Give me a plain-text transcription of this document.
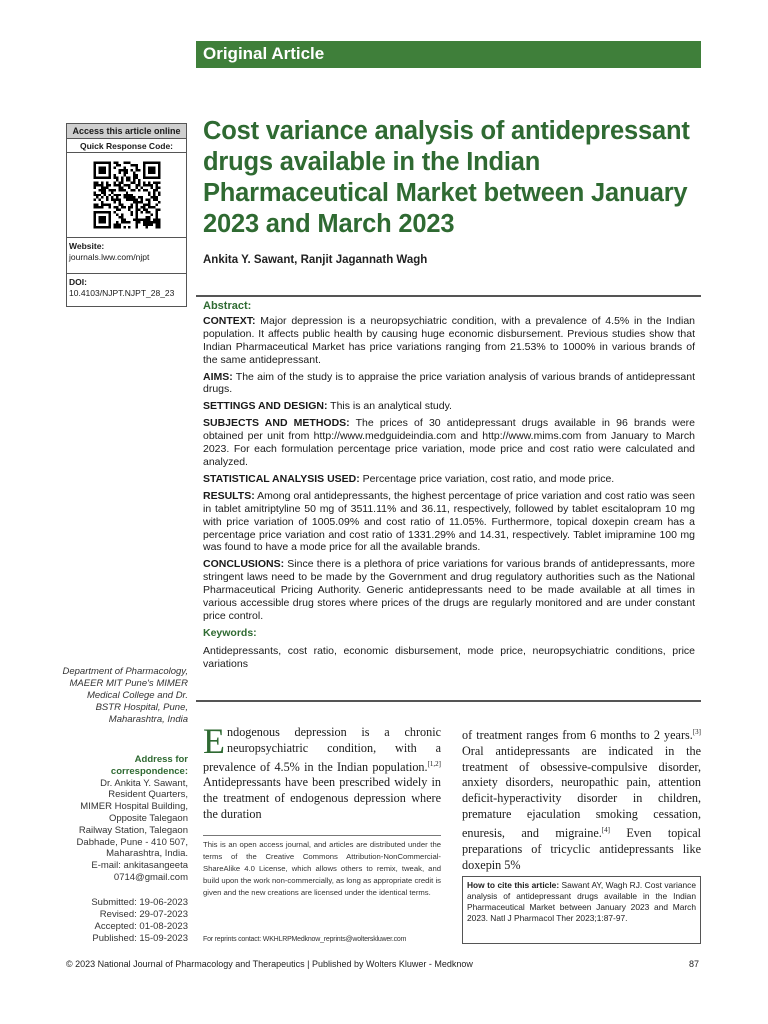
Original Article
Access this article online
Quick Response Code:
Website:
journals.lww.com/njpt
DOI:
10.4103/NJPT.NJPT_28_23
Cost variance analysis of antidepressant drugs available in the Indian Pharmaceutical Market between January 2023 and March 2023
Ankita Y. Sawant, Ranjit Jagannath Wagh
Abstract:

CONTEXT: Major depression is a neuropsychiatric condition, with a prevalence of 4.5% in the Indian population. It affects public health by causing huge economic disbursement. Previous studies show that Indian Pharmaceutical Market has price variations ranging from 21.53% to 1000% in various brands of the same antidepressant.

AIMS: The aim of the study is to appraise the price variation analysis of various brands of antidepressant drugs.

SETTINGS AND DESIGN: This is an analytical study.

SUBJECTS AND METHODS: The prices of 30 antidepressant drugs available in 96 brands were obtained per unit from http://www.medguideindia.com and http://www.mims.com from January to March 2023. For each formulation percentage price variation, mode price and cost ratio were calculated and analyzed.

STATISTICAL ANALYSIS USED: Percentage price variation, cost ratio, and mode price.

RESULTS: Among oral antidepressants, the highest percentage of price variation and cost ratio was seen in tablet amitriptyline 50 mg of 3511.11% and 36.11, respectively, followed by tablet escitalopram 10 mg with price variation of 1005.09% and cost ratio of 11.05%. Furthermore, topical doxepin cream has a percentage price variation and cost ratio of 1331.29% and 14.31, respectively. Tablet imipramine 100 mg was found to have a mode price for all the available brands.

CONCLUSIONS: Since there is a plethora of price variations for various brands of antidepressants, more stringent laws need to be made by the Government and drug regulatory authorities such as the National Pharmaceutical Pricing Authority. Generic antidepressants need to be made available at all times in various accessible drug stores where prices of the drugs are regularly monitored and are under constant price control.

Keywords:

Antidepressants, cost ratio, economic disbursement, mode price, neuropsychiatric conditions, price variations

Department of Pharmacology, MAEER MIT Pune's MIMER Medical College and Dr. BSTR Hospital, Pune, Maharashtra, India
Address for correspondence:
Dr. Ankita Y. Sawant,
Resident Quarters,
MIMER Hospital Building,
Opposite Talegaon
Railway Station, Talegaon
Dabhade, Pune - 410 507,
Maharashtra, India.
E-mail: ankitasangeeta
0714@gmail.com
Submitted: 19-06-2023
Revised: 29-07-2023
Accepted: 01-08-2023
Published: 15-09-2023
Endogenous depression is a chronic neuropsychiatric condition, with a prevalence of 4.5% in the Indian population.[1,2] Antidepressants have been prescribed widely in the treatment of endogenous depression where the duration
of treatment ranges from 6 months to 2 years.[3] Oral antidepressants are indicated in the treatment of obsessive-compulsive disorder, anxiety disorders, neuropathic pain, attention deficit-hyperactivity disorder in children, premature ejaculation smoking cessation, enuresis, and migraine.[4] Even topical preparations of tricyclic antidepressants like doxepin 5%
This is an open access journal, and articles are distributed under the terms of the Creative Commons Attribution-NonCommercial-ShareAlike 4.0 License, which allows others to remix, tweak, and build upon the work non-commercially, as long as appropriate credit is given and the new creations are licensed under the identical terms.
For reprints contact: WKHLRPMedknow_reprints@wolterskluwer.com
How to cite this article: Sawant AY, Wagh RJ. Cost variance analysis of antidepressant drugs available in the Indian Pharmaceutical Market between January 2023 and March 2023. Natl J Pharmacol Ther 2023;1:87-97.
© 2023 National Journal of Pharmacology and Therapeutics | Published by Wolters Kluwer - Medknow	87
